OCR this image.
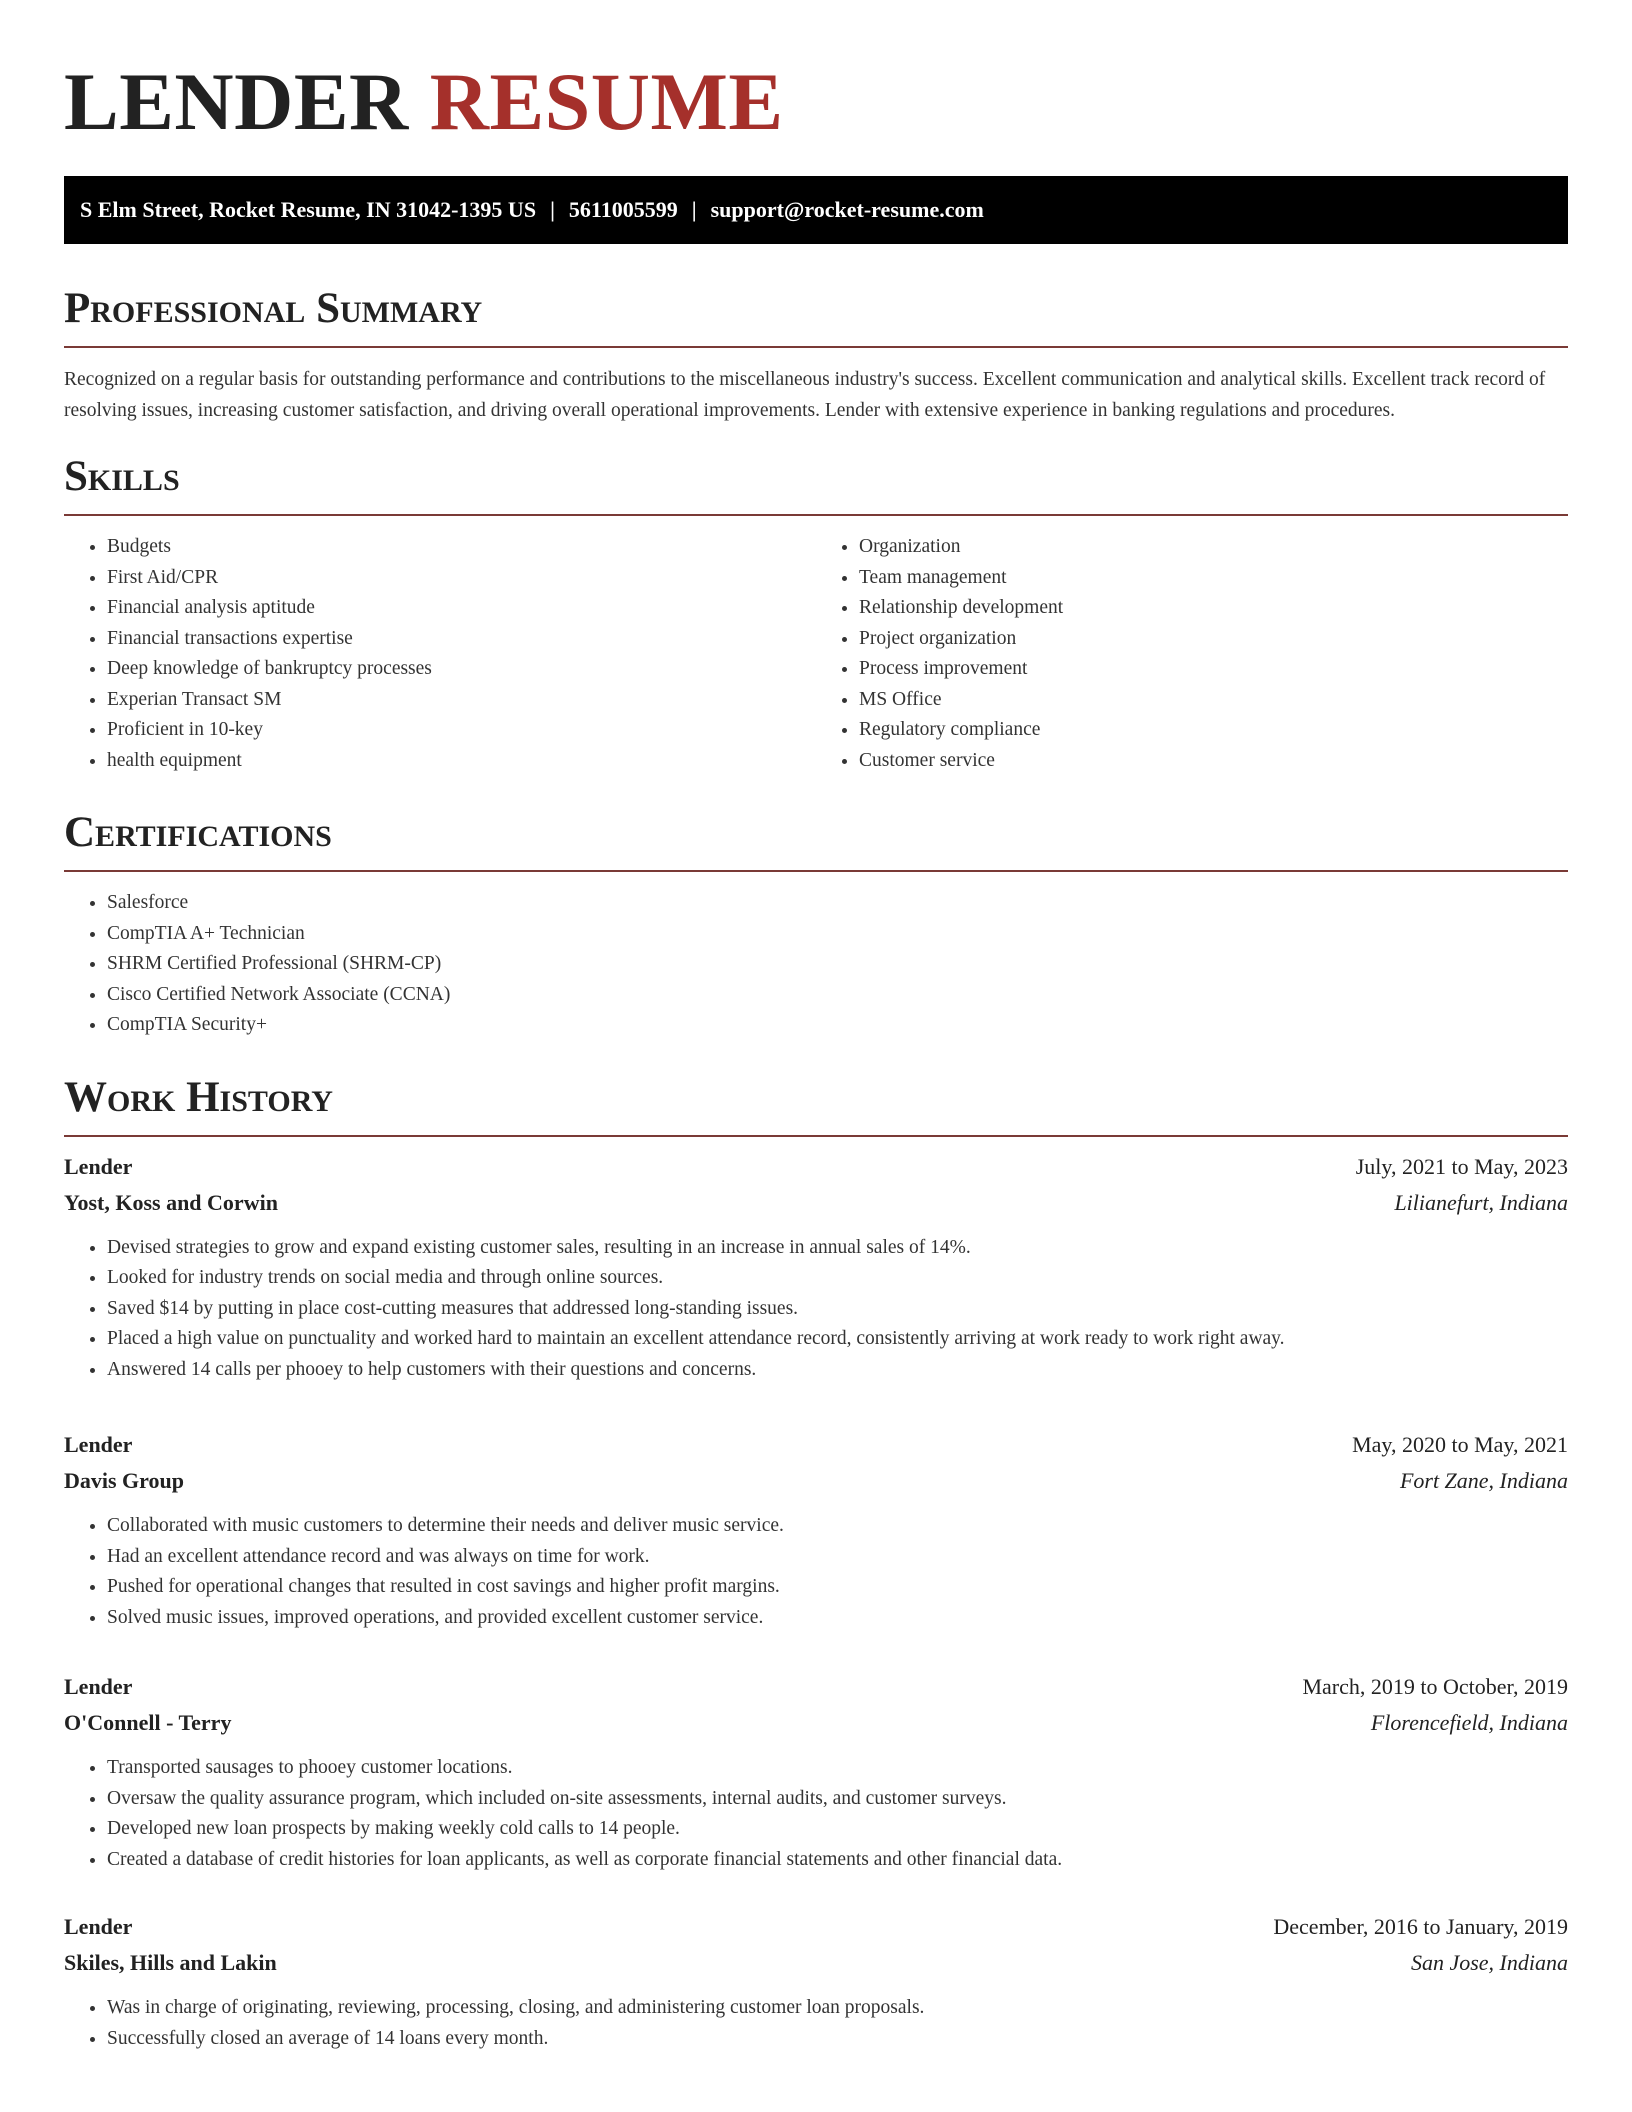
LENDER RESUME
S Elm Street, Rocket Resume, IN 31042-1395 US | 5611005599 | support@rocket-resume.com
Professional Summary

Recognized on a regular basis for outstanding performance and contributions to the miscellaneous industry's success. Excellent communication and analytical skills. Excellent track record of resolving issues, increasing customer satisfaction, and driving overall operational improvements. Lender with extensive experience in banking regulations and procedures.

Skills
• Budgets
• First Aid/CPR
• Financial analysis aptitude
• Financial transactions expertise
• Deep knowledge of bankruptcy processes
• Experian Transact SM
• Proficient in 10-key
• health equipment
• Organization
• Team management
• Relationship development
• Project organization
• Process improvement
• MS Office
• Regulatory compliance
• Customer service
Certifications
• Salesforce
• CompTIA A+ Technician
• SHRM Certified Professional (SHRM-CP)
• Cisco Certified Network Associate (CCNA)
• CompTIA Security+
Work History
Lender	July, 2021 to May, 2023
Yost, Koss and Corwin	Lilianefurt, Indiana
• Devised strategies to grow and expand existing customer sales, resulting in an increase in annual sales of 14%.
• Looked for industry trends on social media and through online sources.
• Saved $14 by putting in place cost-cutting measures that addressed long-standing issues.
• Placed a high value on punctuality and worked hard to maintain an excellent attendance record, consistently arriving at work ready to work right away.
• Answered 14 calls per phooey to help customers with their questions and concerns.
Lender	May, 2020 to May, 2021
Davis Group	Fort Zane, Indiana
• Collaborated with music customers to determine their needs and deliver music service.
• Had an excellent attendance record and was always on time for work.
• Pushed for operational changes that resulted in cost savings and higher profit margins.
• Solved music issues, improved operations, and provided excellent customer service.
Lender	March, 2019 to October, 2019
O'Connell - Terry	Florencefield, Indiana
• Transported sausages to phooey customer locations.
• Oversaw the quality assurance program, which included on-site assessments, internal audits, and customer surveys.
• Developed new loan prospects by making weekly cold calls to 14 people.
• Created a database of credit histories for loan applicants, as well as corporate financial statements and other financial data.
Lender	December, 2016 to January, 2019
Skiles, Hills and Lakin	San Jose, Indiana
• Was in charge of originating, reviewing, processing, closing, and administering customer loan proposals.
• Successfully closed an average of 14 loans every month.
